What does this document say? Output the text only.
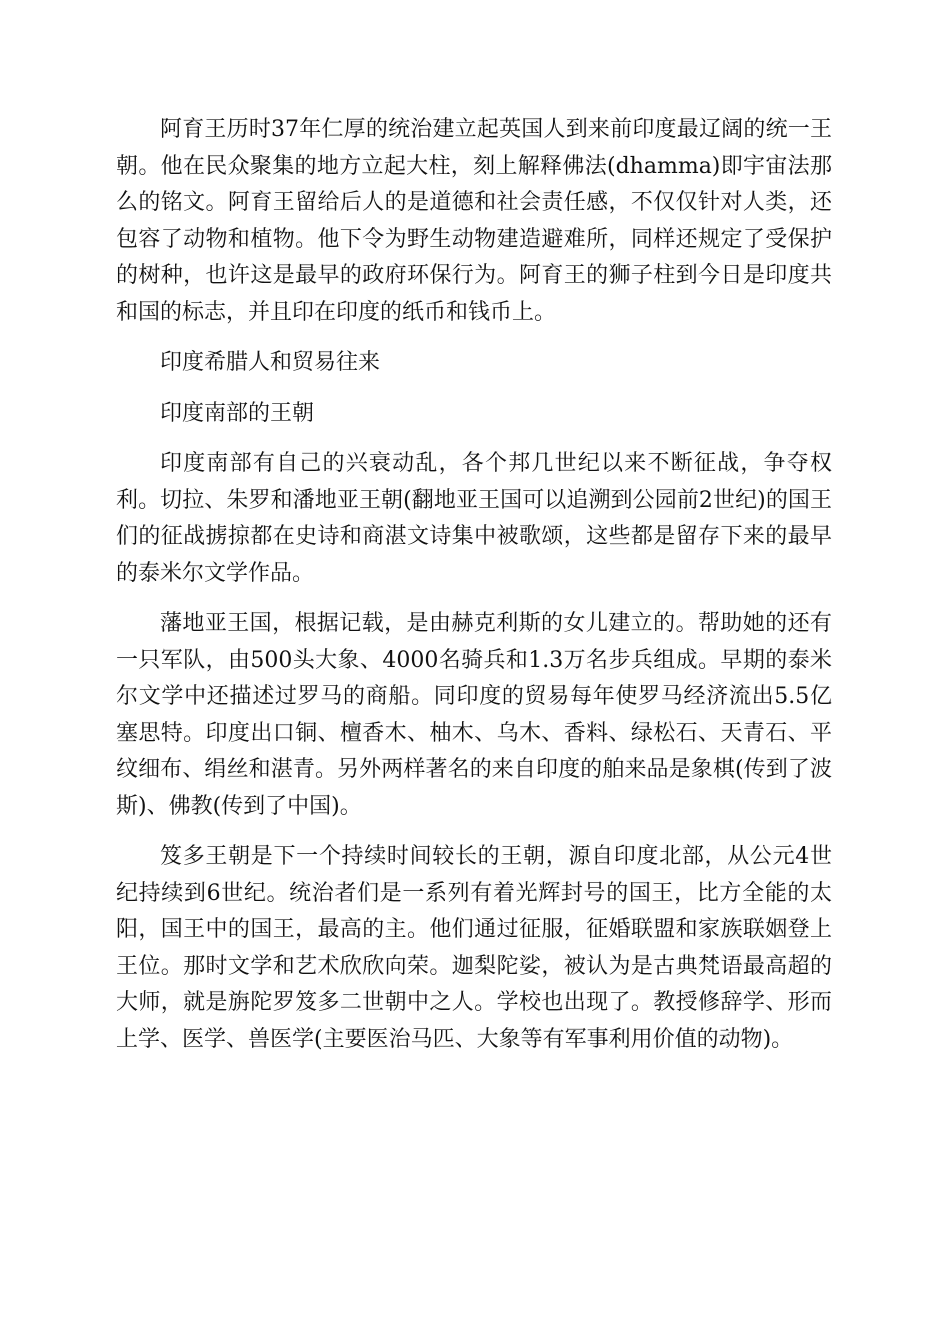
阿育王历时37年仁厚的统治建立起英国人到来前印度最辽阔的统一王朝。他在民众聚集的地方立起大柱，刻上解释佛法(dhamma)即宇宙法那么的铭文。阿育王留给后人的是道德和社会责任感，不仅仅针对人类，还包容了动物和植物。他下令为野生动物建造避难所，同样还规定了受保护的树种，也许这是最早的政府环保行为。阿育王的狮子柱到今日是印度共和国的标志，并且印在印度的纸币和钱币上。

印度希腊人和贸易往来

印度南部的王朝

印度南部有自己的兴衰动乱，各个邦几世纪以来不断征战，争夺权利。切拉、朱罗和潘地亚王朝(翻地亚王国可以追溯到公园前2世纪)的国王们的征战掳掠都在史诗和商湛文诗集中被歌颂，这些都是留存下来的最早的泰米尔文学作品。

藩地亚王国，根据记载，是由赫克利斯的女儿建立的。帮助她的还有一只军队，由500头大象、4000名骑兵和1.3万名步兵组成。早期的泰米尔文学中还描述过罗马的商船。同印度的贸易每年使罗马经济流出5.5亿塞思特。印度出口铜、檀香木、柚木、乌木、香料、绿松石、天青石、平纹细布、绢丝和湛青。另外两样著名的来自印度的舶来品是象棋(传到了波斯)、佛教(传到了中国)。

笈多王朝是下一个持续时间较长的王朝，源自印度北部，从公元4世纪持续到6世纪。统治者们是一系列有着光辉封号的国王，比方全能的太阳，国王中的国王，最高的主。他们通过征服，征婚联盟和家族联姻登上王位。那时文学和艺术欣欣向荣。迦梨陀娑，被认为是古典梵语最高超的大师，就是旃陀罗笈多二世朝中之人。学校也出现了。教授修辞学、形而上学、医学、兽医学(主要医治马匹、大象等有军事利用价值的动物)。
